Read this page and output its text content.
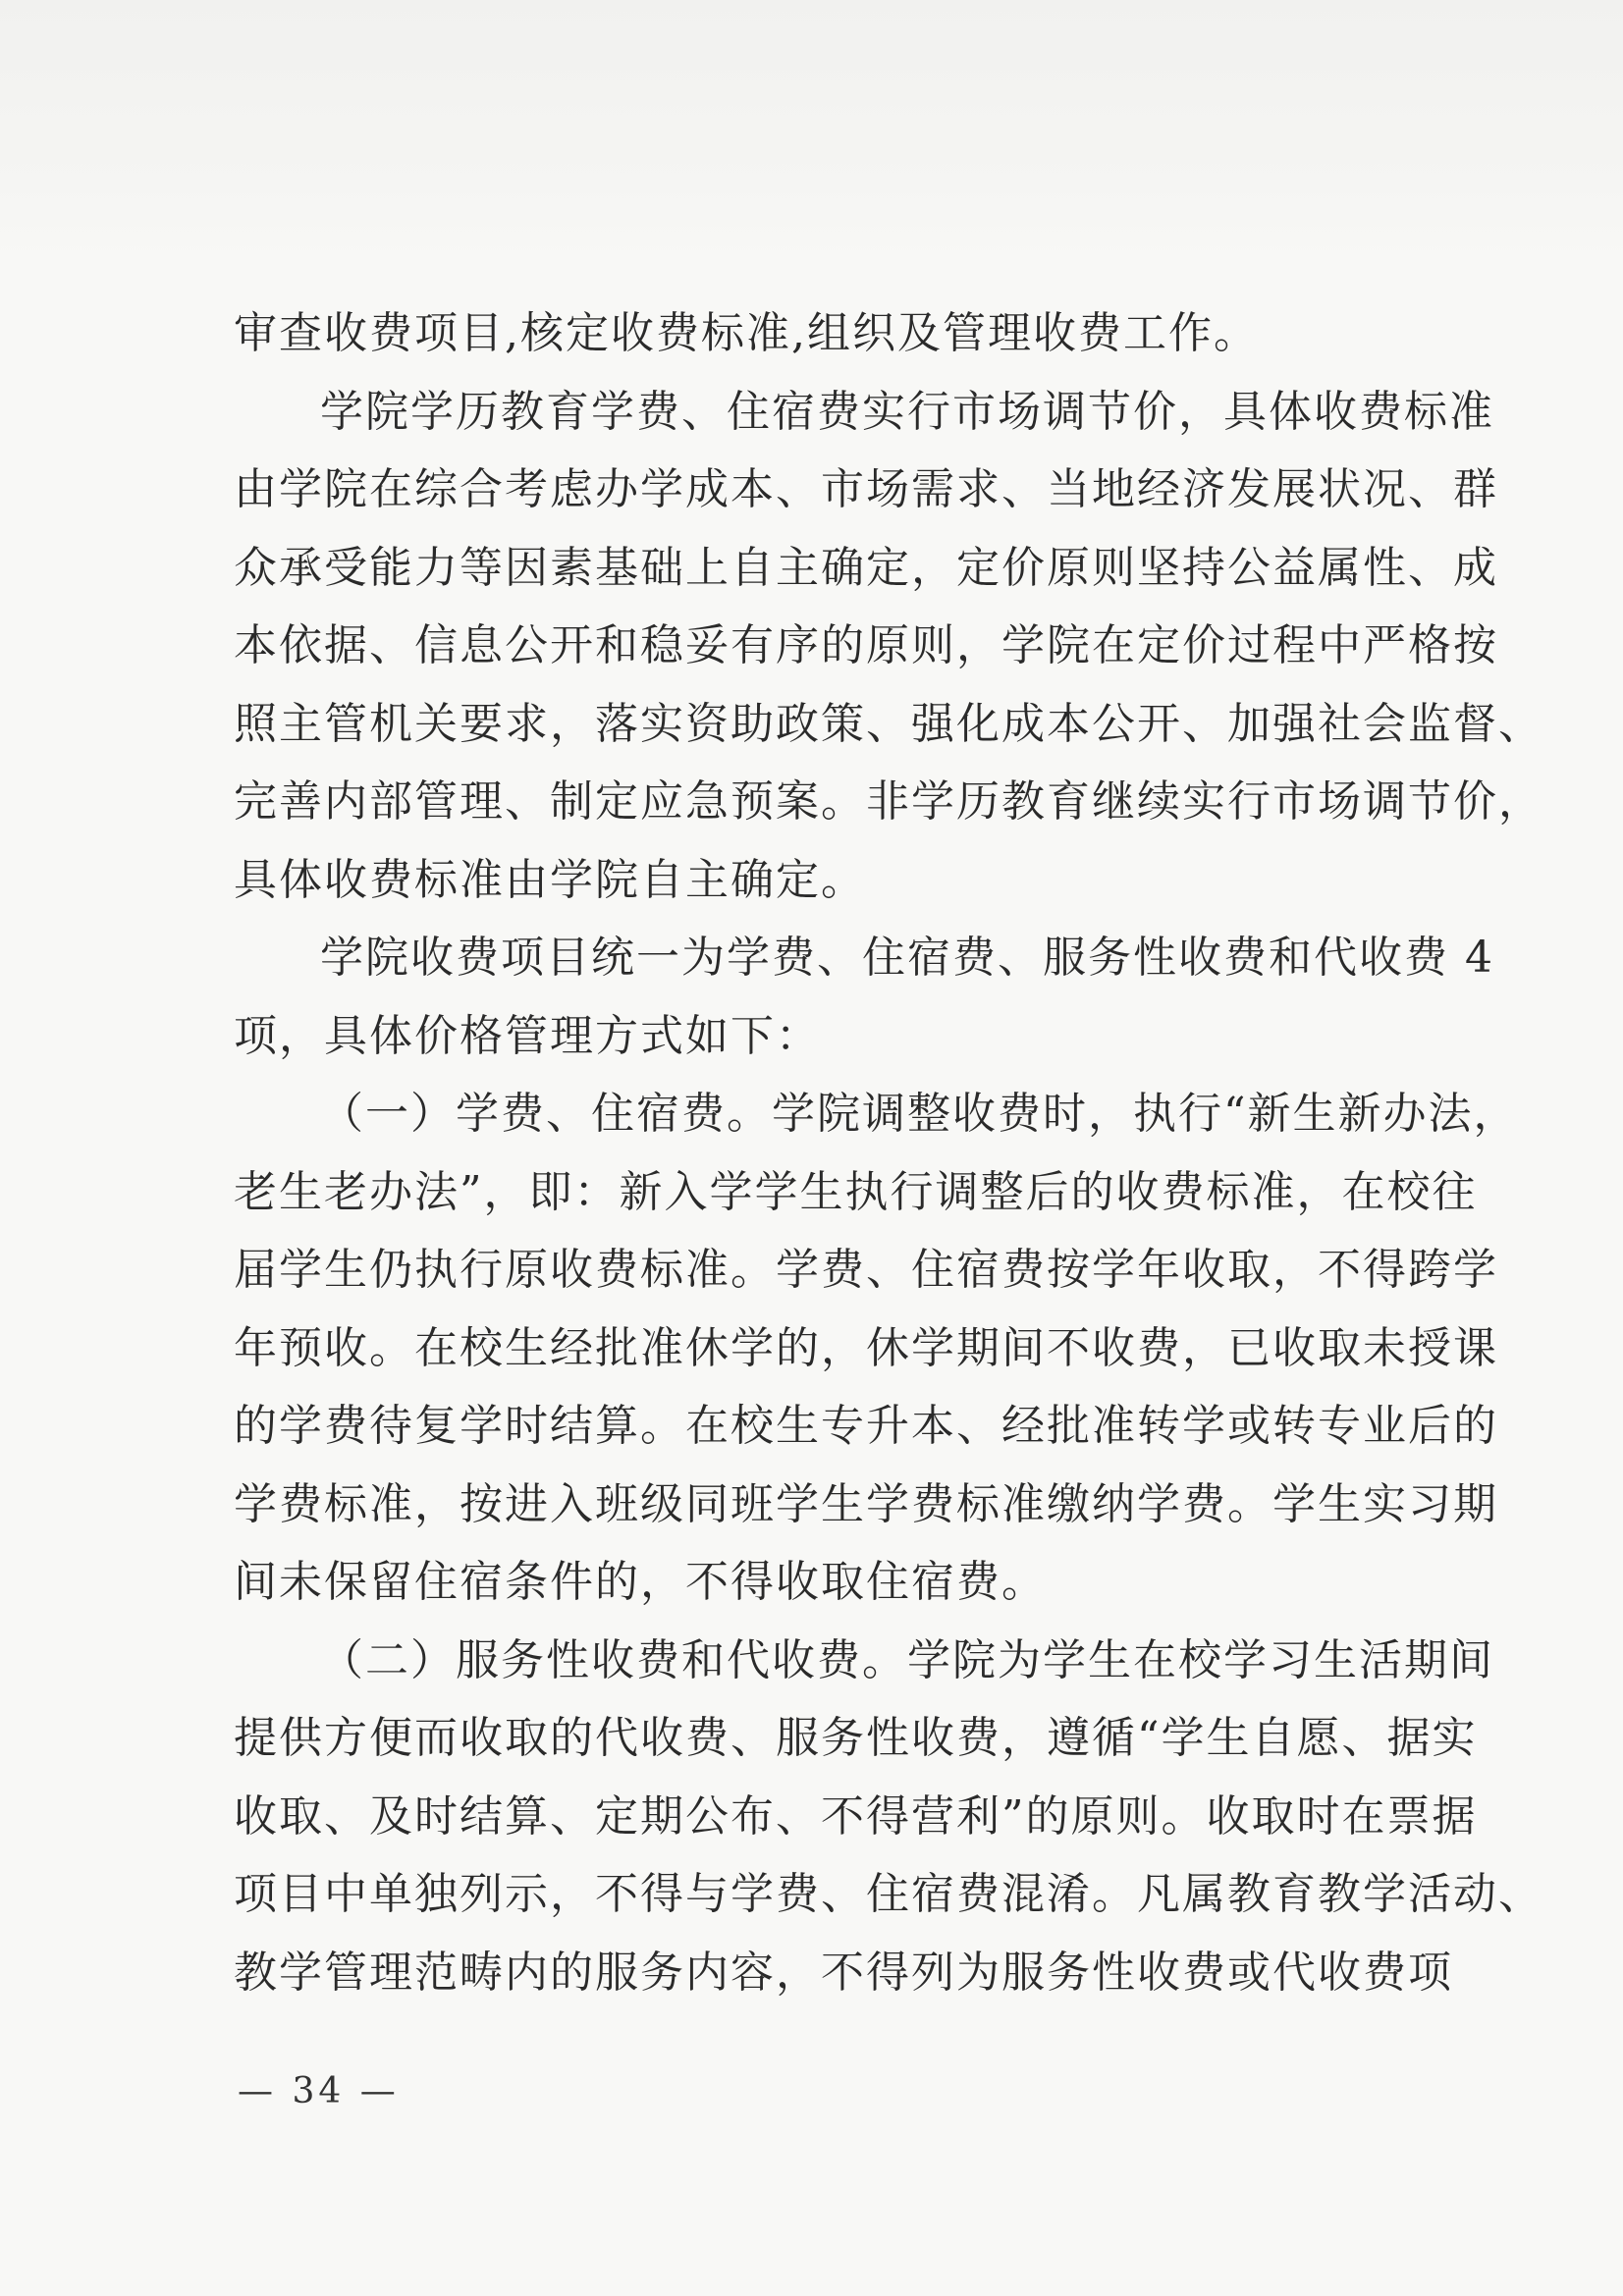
审查收费项目,核定收费标准,组织及管理收费工作。
学院学历教育学费、住宿费实行市场调节价，具体收费标准
由学院在综合考虑办学成本、市场需求、当地经济发展状况、群
众承受能力等因素基础上自主确定，定价原则坚持公益属性、成
本依据、信息公开和稳妥有序的原则，学院在定价过程中严格按
照主管机关要求，落实资助政策、强化成本公开、加强社会监督、
完善内部管理、制定应急预案。非学历教育继续实行市场调节价，
具体收费标准由学院自主确定。
学院收费项目统一为学费、住宿费、服务性收费和代收费 4
项，具体价格管理方式如下：
（一）学费、住宿费。学院调整收费时，执行“新生新办法，
老生老办法”，即：新入学学生执行调整后的收费标准，在校往
届学生仍执行原收费标准。学费、住宿费按学年收取，不得跨学
年预收。在校生经批准休学的，休学期间不收费，已收取未授课
的学费待复学时结算。在校生专升本、经批准转学或转专业后的
学费标准，按进入班级同班学生学费标准缴纳学费。学生实习期
间未保留住宿条件的，不得收取住宿费。
（二）服务性收费和代收费。学院为学生在校学习生活期间
提供方便而收取的代收费、服务性收费，遵循“学生自愿、据实
收取、及时结算、定期公布、不得营利”的原则。收取时在票据
项目中单独列示，不得与学费、住宿费混淆。凡属教育教学活动、
教学管理范畴内的服务内容，不得列为服务性收费或代收费项
— 34 —
